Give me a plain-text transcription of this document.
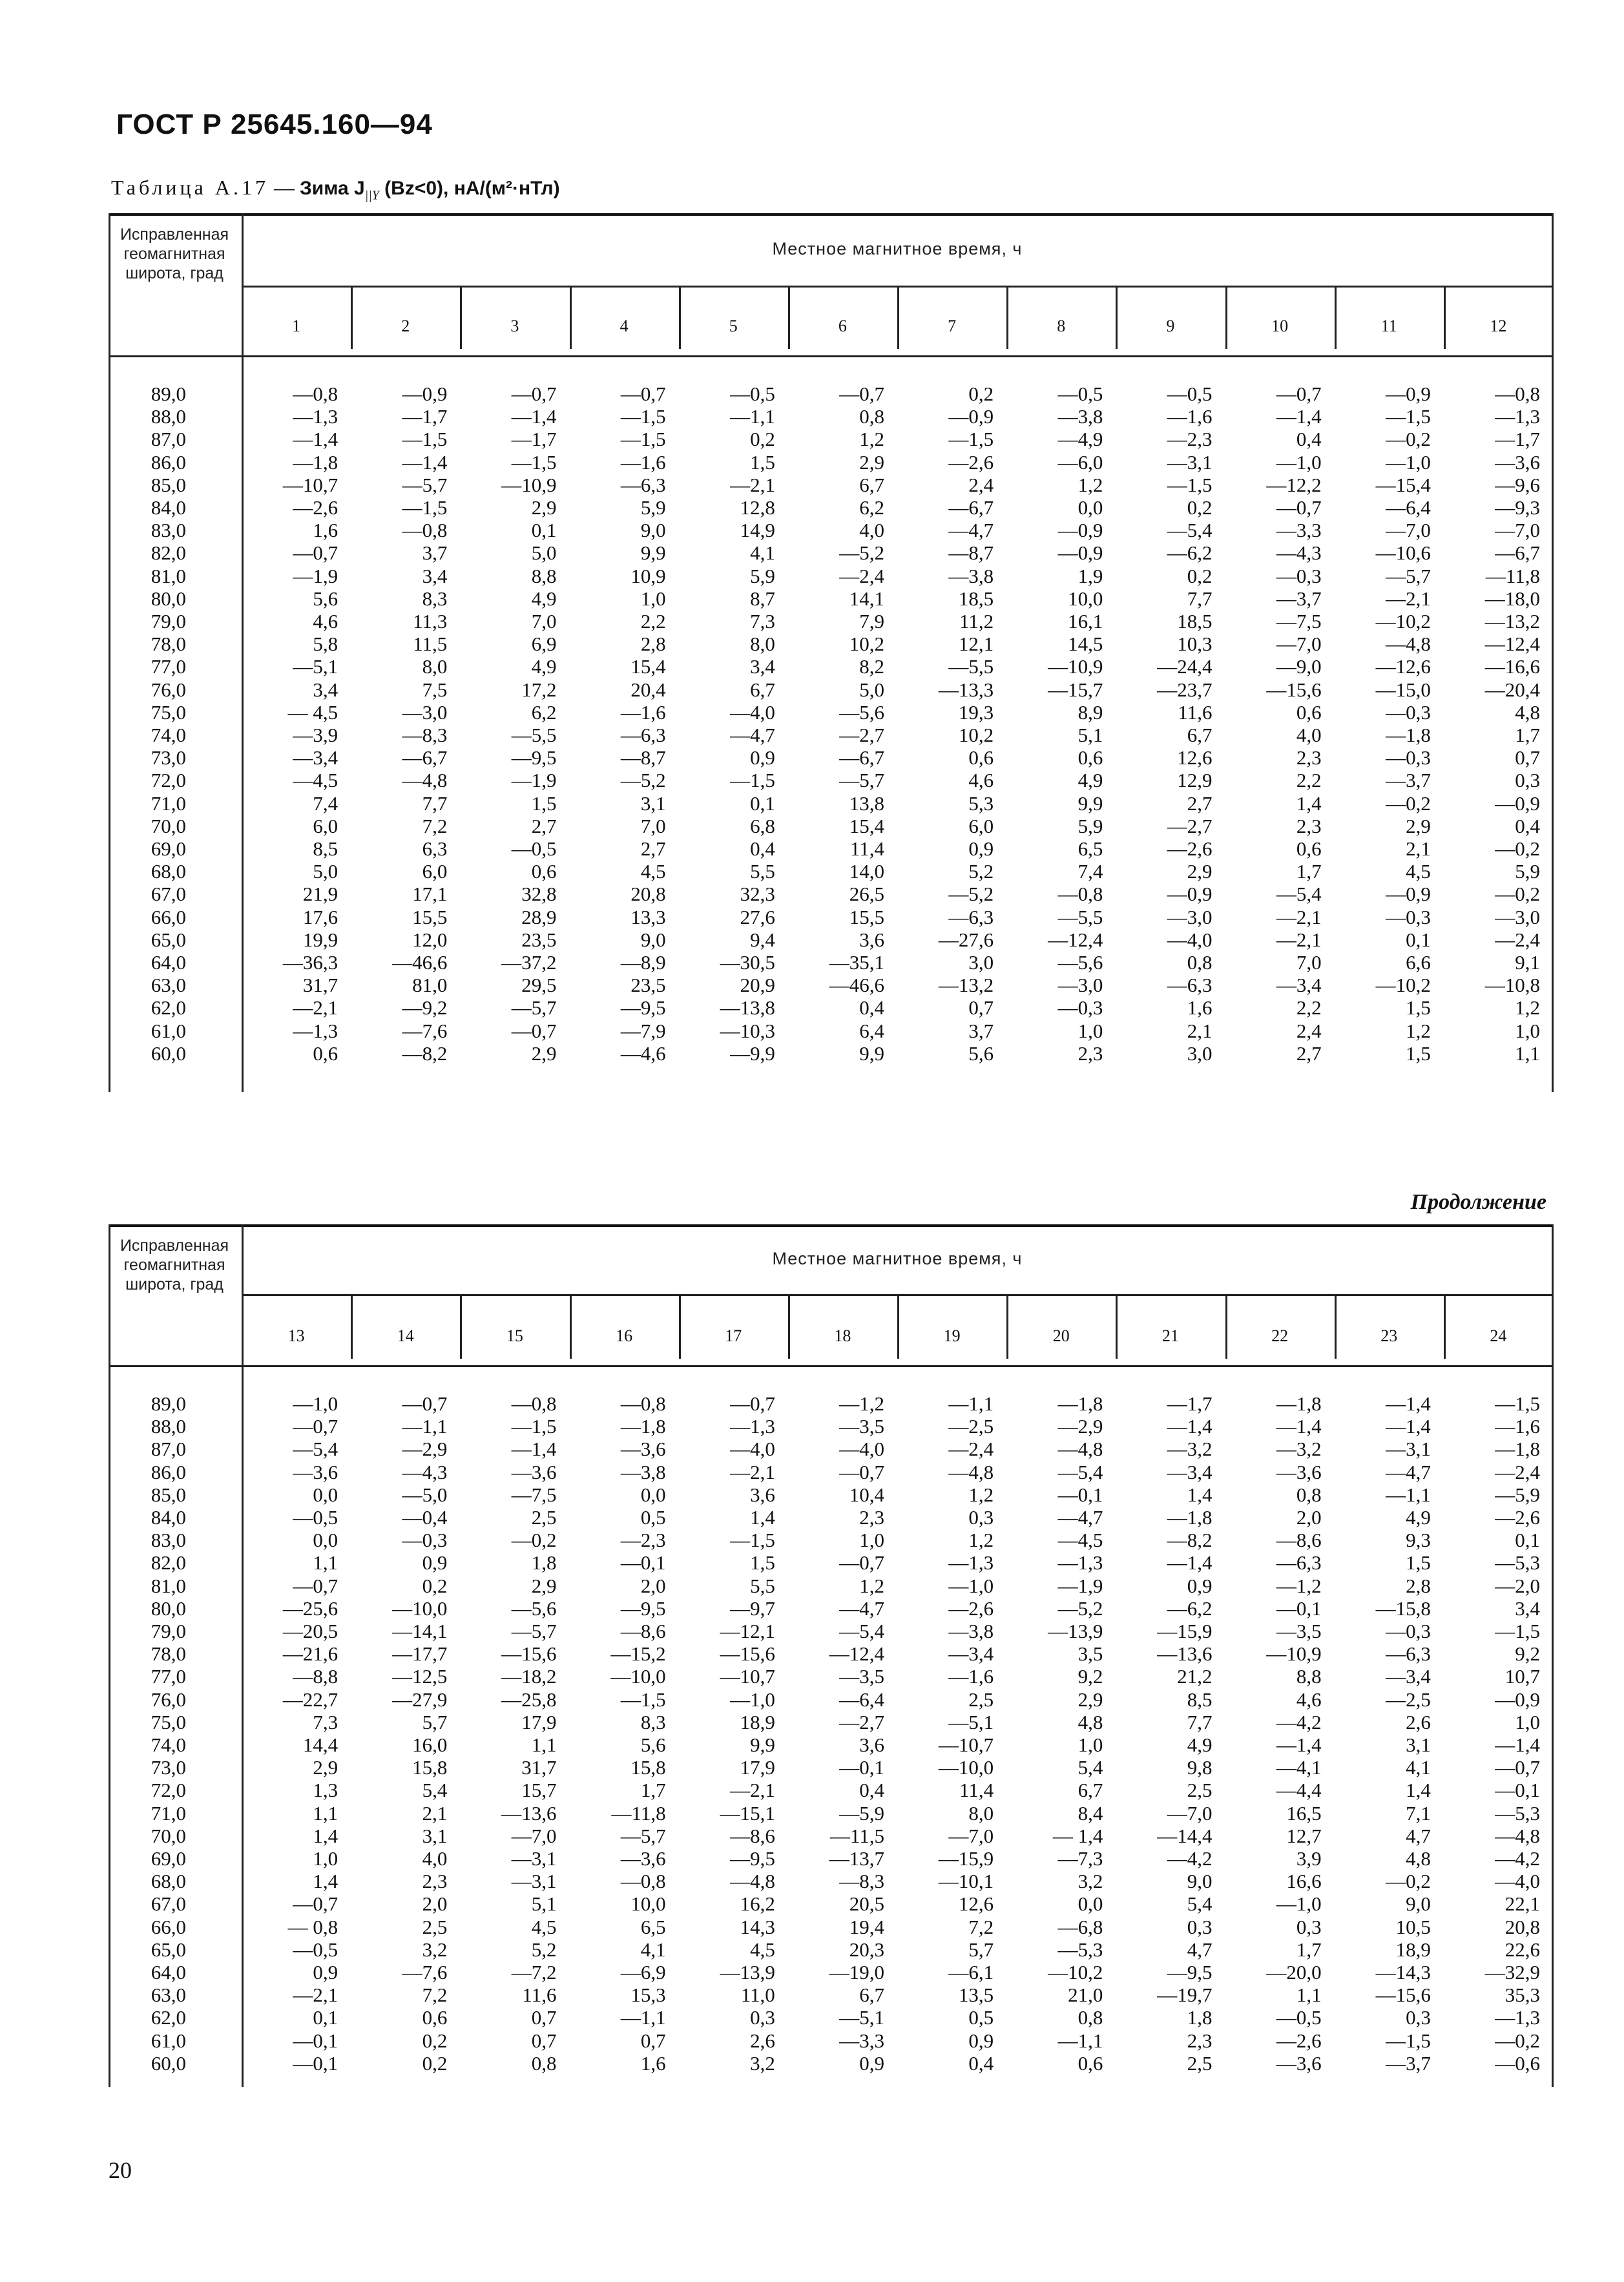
ГОСТ Р 25645.160—94
Таблица А.17 — Зима $J_{||Y}$ (Bz<0), нА/(м²·нТл)
Исправленная геомагнитная широта, град
Местное магнитное время, ч
1	2	3	4	5	6	7	8	9	10	11	12
89,0	—0,8	—0,9	—0,7	—0,7	—0,5	—0,7	0,2	—0,5	—0,5	—0,7	—0,9	—0,8
88,0	—1,3	—1,7	—1,4	—1,5	—1,1	0,8	—0,9	—3,8	—1,6	—1,4	—1,5	—1,3
87,0	—1,4	—1,5	—1,7	—1,5	0,2	1,2	—1,5	—4,9	—2,3	0,4	—0,2	—1,7
86,0	—1,8	—1,4	—1,5	—1,6	1,5	2,9	—2,6	—6,0	—3,1	—1,0	—1,0	—3,6
85,0	—10,7	—5,7	—10,9	—6,3	—2,1	6,7	2,4	1,2	—1,5	—12,2	—15,4	—9,6
84,0	—2,6	—1,5	2,9	5,9	12,8	6,2	—6,7	0,0	0,2	—0,7	—6,4	—9,3
83,0	1,6	—0,8	0,1	9,0	14,9	4,0	—4,7	—0,9	—5,4	—3,3	—7,0	—7,0
82,0	—0,7	3,7	5,0	9,9	4,1	—5,2	—8,7	—0,9	—6,2	—4,3	—10,6	—6,7
81,0	—1,9	3,4	8,8	10,9	5,9	—2,4	—3,8	1,9	0,2	—0,3	—5,7	—11,8
80,0	5,6	8,3	4,9	1,0	8,7	14,1	18,5	10,0	7,7	—3,7	—2,1	—18,0
79,0	4,6	11,3	7,0	2,2	7,3	7,9	11,2	16,1	18,5	—7,5	—10,2	—13,2
78,0	5,8	11,5	6,9	2,8	8,0	10,2	12,1	14,5	10,3	—7,0	—4,8	—12,4
77,0	—5,1	8,0	4,9	15,4	3,4	8,2	—5,5	—10,9	—24,4	—9,0	—12,6	—16,6
76,0	3,4	7,5	17,2	20,4	6,7	5,0	—13,3	—15,7	—23,7	—15,6	—15,0	—20,4
75,0	— 4,5	—3,0	6,2	—1,6	—4,0	—5,6	19,3	8,9	11,6	0,6	—0,3	4,8
74,0	—3,9	—8,3	—5,5	—6,3	—4,7	—2,7	10,2	5,1	6,7	4,0	—1,8	1,7
73,0	—3,4	—6,7	—9,5	—8,7	0,9	—6,7	0,6	0,6	12,6	2,3	—0,3	0,7
72,0	—4,5	—4,8	—1,9	—5,2	—1,5	—5,7	4,6	4,9	12,9	2,2	—3,7	0,3
71,0	7,4	7,7	1,5	3,1	0,1	13,8	5,3	9,9	2,7	1,4	—0,2	—0,9
70,0	6,0	7,2	2,7	7,0	6,8	15,4	6,0	5,9	—2,7	2,3	2,9	0,4
69,0	8,5	6,3	—0,5	2,7	0,4	11,4	0,9	6,5	—2,6	0,6	2,1	—0,2
68,0	5,0	6,0	0,6	4,5	5,5	14,0	5,2	7,4	2,9	1,7	4,5	5,9
67,0	21,9	17,1	32,8	20,8	32,3	26,5	—5,2	—0,8	—0,9	—5,4	—0,9	—0,2
66,0	17,6	15,5	28,9	13,3	27,6	15,5	—6,3	—5,5	—3,0	—2,1	—0,3	—3,0
65,0	19,9	12,0	23,5	9,0	9,4	3,6	—27,6	—12,4	—4,0	—2,1	0,1	—2,4
64,0	—36,3	—46,6	—37,2	—8,9	—30,5	—35,1	3,0	—5,6	0,8	7,0	6,6	9,1
63,0	31,7	81,0	29,5	23,5	20,9	—46,6	—13,2	—3,0	—6,3	—3,4	—10,2	—10,8
62,0	—2,1	—9,2	—5,7	—9,5	—13,8	0,4	0,7	—0,3	1,6	2,2	1,5	1,2
61,0	—1,3	—7,6	—0,7	—7,9	—10,3	6,4	3,7	1,0	2,1	2,4	1,2	1,0
60,0	0,6	—8,2	2,9	—4,6	—9,9	9,9	5,6	2,3	3,0	2,7	1,5	1,1
Продолжение
Исправленная геомагнитная широта, град
Местное магнитное время, ч
13	14	15	16	17	18	19	20	21	22	23	24
89,0	—1,0	—0,7	—0,8	—0,8	—0,7	—1,2	—1,1	—1,8	—1,7	—1,8	—1,4	—1,5
88,0	—0,7	—1,1	—1,5	—1,8	—1,3	—3,5	—2,5	—2,9	—1,4	—1,4	—1,4	—1,6
87,0	—5,4	—2,9	—1,4	—3,6	—4,0	—4,0	—2,4	—4,8	—3,2	—3,2	—3,1	—1,8
86,0	—3,6	—4,3	—3,6	—3,8	—2,1	—0,7	—4,8	—5,4	—3,4	—3,6	—4,7	—2,4
85,0	0,0	—5,0	—7,5	0,0	3,6	10,4	1,2	—0,1	1,4	0,8	—1,1	—5,9
84,0	—0,5	—0,4	2,5	0,5	1,4	2,3	0,3	—4,7	—1,8	2,0	4,9	—2,6
83,0	0,0	—0,3	—0,2	—2,3	—1,5	1,0	1,2	—4,5	—8,2	—8,6	9,3	0,1
82,0	1,1	0,9	1,8	—0,1	1,5	—0,7	—1,3	—1,3	—1,4	—6,3	1,5	—5,3
81,0	—0,7	0,2	2,9	2,0	5,5	1,2	—1,0	—1,9	0,9	—1,2	2,8	—2,0
80,0	—25,6	—10,0	—5,6	—9,5	—9,7	—4,7	—2,6	—5,2	—6,2	—0,1	—15,8	3,4
79,0	—20,5	—14,1	—5,7	—8,6	—12,1	—5,4	—3,8	—13,9	—15,9	—3,5	—0,3	—1,5
78,0	—21,6	—17,7	—15,6	—15,2	—15,6	—12,4	—3,4	3,5	—13,6	—10,9	—6,3	9,2
77,0	—8,8	—12,5	—18,2	—10,0	—10,7	—3,5	—1,6	9,2	21,2	8,8	—3,4	10,7
76,0	—22,7	—27,9	—25,8	—1,5	—1,0	—6,4	2,5	2,9	8,5	4,6	—2,5	—0,9
75,0	7,3	5,7	17,9	8,3	18,9	—2,7	—5,1	4,8	7,7	—4,2	2,6	1,0
74,0	14,4	16,0	1,1	5,6	9,9	3,6	—10,7	1,0	4,9	—1,4	3,1	—1,4
73,0	2,9	15,8	31,7	15,8	17,9	—0,1	—10,0	5,4	9,8	—4,1	4,1	—0,7
72,0	1,3	5,4	15,7	1,7	—2,1	0,4	11,4	6,7	2,5	—4,4	1,4	—0,1
71,0	1,1	2,1	—13,6	—11,8	—15,1	—5,9	8,0	8,4	—7,0	16,5	7,1	—5,3
70,0	1,4	3,1	—7,0	—5,7	—8,6	—11,5	—7,0	— 1,4	—14,4	12,7	4,7	—4,8
69,0	1,0	4,0	—3,1	—3,6	—9,5	—13,7	—15,9	—7,3	—4,2	3,9	4,8	—4,2
68,0	1,4	2,3	—3,1	—0,8	—4,8	—8,3	—10,1	3,2	9,0	16,6	—0,2	—4,0
67,0	—0,7	2,0	5,1	10,0	16,2	20,5	12,6	0,0	5,4	—1,0	9,0	22,1
66,0	— 0,8	2,5	4,5	6,5	14,3	19,4	7,2	—6,8	0,3	0,3	10,5	20,8
65,0	—0,5	3,2	5,2	4,1	4,5	20,3	5,7	—5,3	4,7	1,7	18,9	22,6
64,0	0,9	—7,6	—7,2	—6,9	—13,9	—19,0	—6,1	—10,2	—9,5	—20,0	—14,3	—32,9
63,0	—2,1	7,2	11,6	15,3	11,0	6,7	13,5	21,0	—19,7	1,1	—15,6	35,3
62,0	0,1	0,6	0,7	—1,1	0,3	—5,1	0,5	0,8	1,8	—0,5	0,3	—1,3
61,0	—0,1	0,2	0,7	0,7	2,6	—3,3	0,9	—1,1	2,3	—2,6	—1,5	—0,2
60,0	—0,1	0,2	0,8	1,6	3,2	0,9	0,4	0,6	2,5	—3,6	—3,7	—0,6
20
